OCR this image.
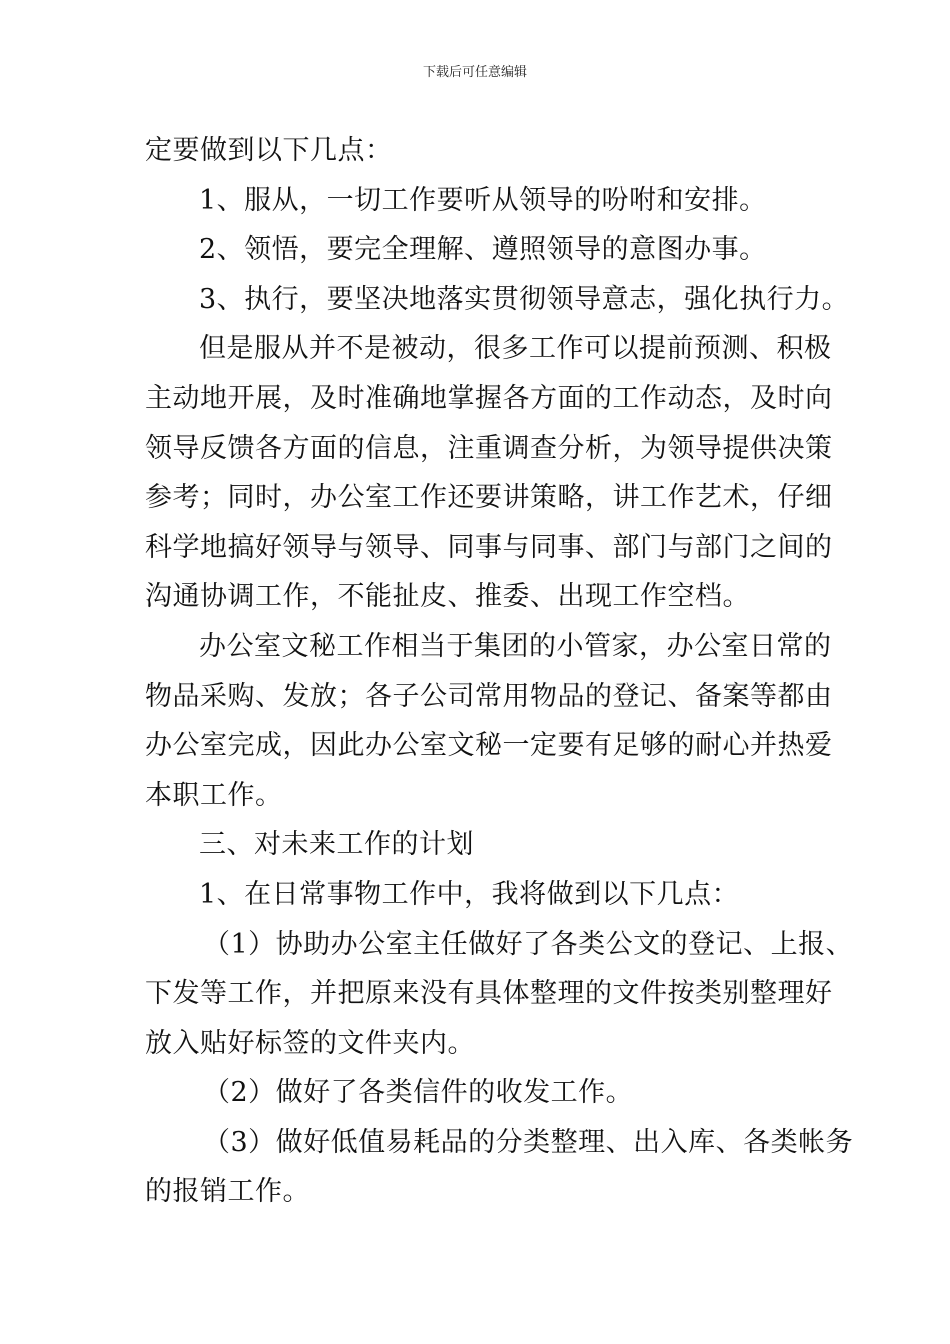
下载后可任意编辑

定要做到以下几点：

1、服从，一切工作要听从领导的吩咐和安排。

2、领悟，要完全理解、遵照领导的意图办事。

3、执行，要坚决地落实贯彻领导意志，强化执行力。

但是服从并不是被动，很多工作可以提前预测、积极

主动地开展，及时准确地掌握各方面的工作动态，及时向

领导反馈各方面的信息，注重调查分析，为领导提供决策

参考；同时，办公室工作还要讲策略，讲工作艺术，仔细

科学地搞好领导与领导、同事与同事、部门与部门之间的

沟通协调工作，不能扯皮、推委、出现工作空档。

办公室文秘工作相当于集团的小管家，办公室日常的

物品采购、发放；各子公司常用物品的登记、备案等都由

办公室完成，因此办公室文秘一定要有足够的耐心并热爱

本职工作。

三、对未来工作的计划

1、在日常事物工作中，我将做到以下几点：

（1）协助办公室主任做好了各类公文的登记、上报、

下发等工作，并把原来没有具体整理的文件按类别整理好

放入贴好标签的文件夹内。

（2）做好了各类信件的收发工作。

（3）做好低值易耗品的分类整理、出入库、各类帐务

的报销工作。
